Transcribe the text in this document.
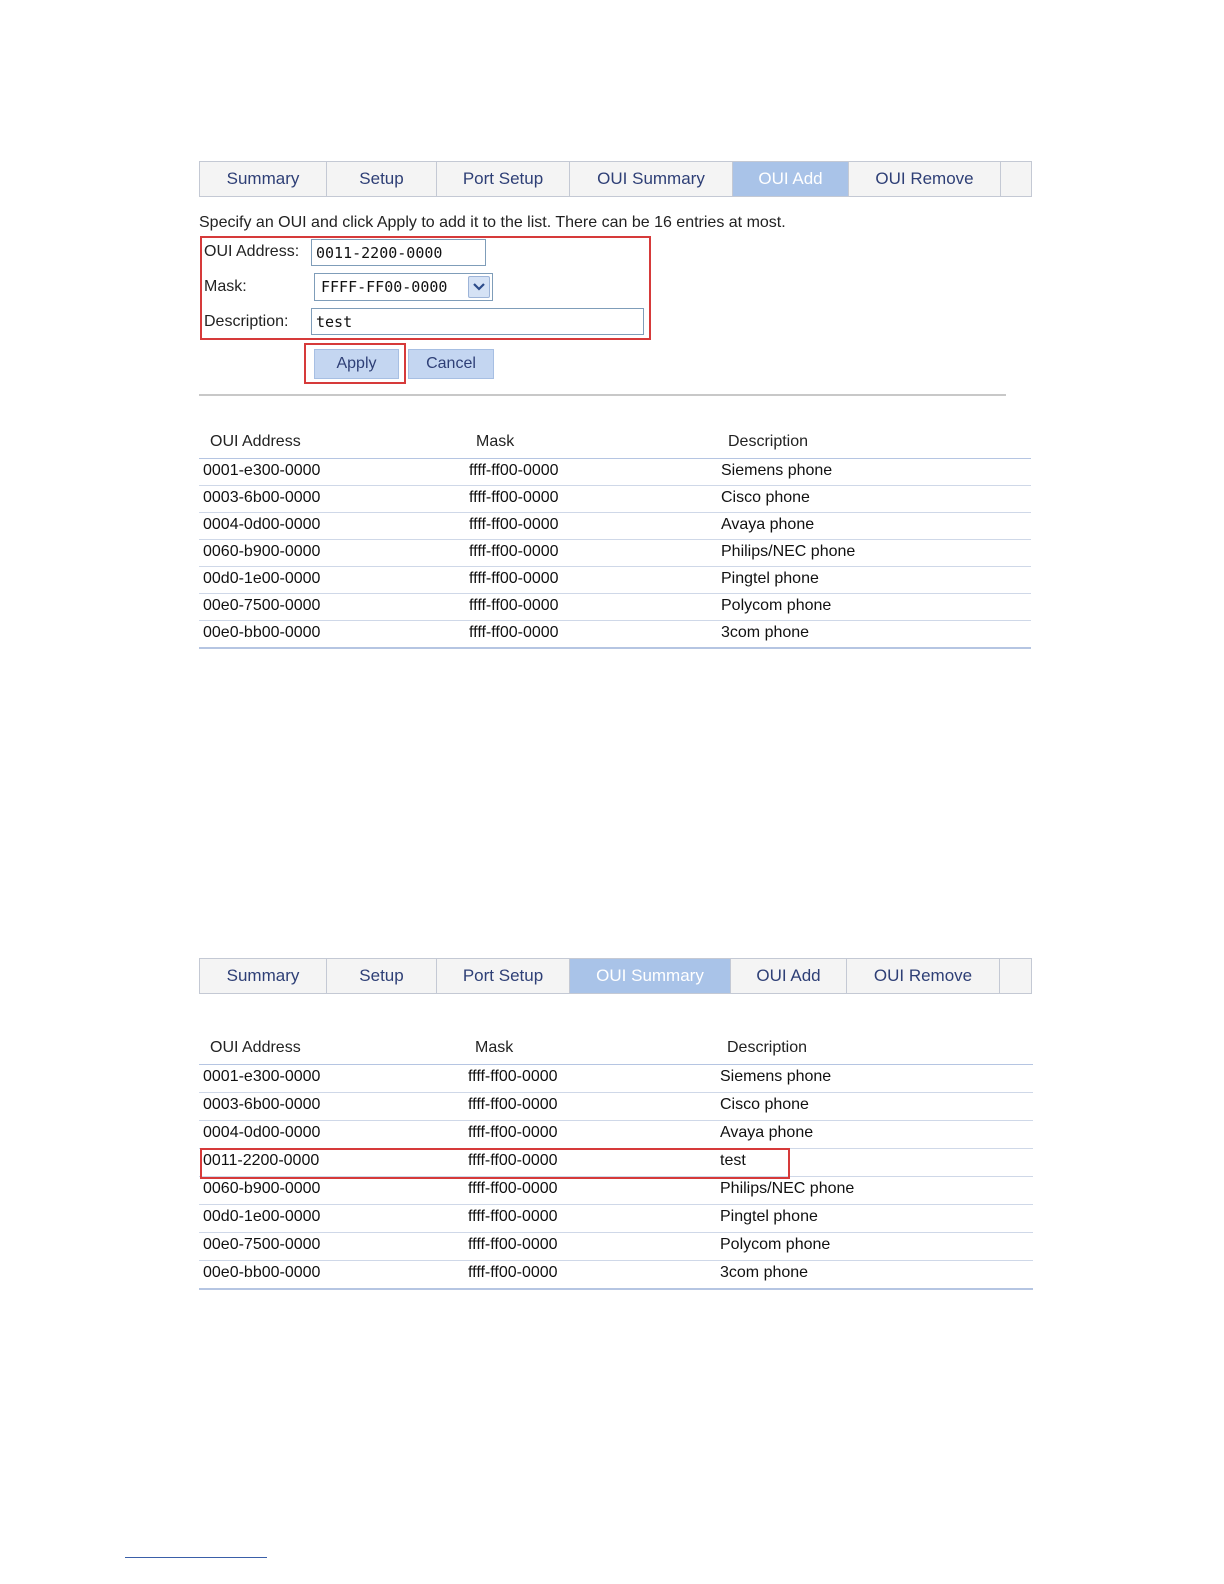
Summary	Setup	Port Setup	OUI Summary	OUI Add	OUI Remove
Specify an OUI and click Apply to add it to the list. There can be 16 entries at most.
OUI Address:
0011-2200-0000
Mask:	FFFF-FF00-0000
Description:
test
Apply	Cancel
OUI Address	Mask	Description
0001-e300-0000	ffff-ff00-0000	Siemens phone
0003-6b00-0000	ffff-ff00-0000	Cisco phone
0004-0d00-0000	ffff-ff00-0000	Avaya phone
0060-b900-0000	ffff-ff00-0000	Philips/NEC phone
00d0-1e00-0000	ffff-ff00-0000	Pingtel phone
00e0-7500-0000	ffff-ff00-0000	Polycom phone
00e0-bb00-0000	ffff-ff00-0000	3com phone
Summary	Setup	Port Setup	OUI Summary	OUI Add	OUI Remove
OUI Address	Mask	Description
0001-e300-0000	ffff-ff00-0000	Siemens phone
0003-6b00-0000	ffff-ff00-0000	Cisco phone
0004-0d00-0000	ffff-ff00-0000	Avaya phone
0011-2200-0000	ffff-ff00-0000	test
0060-b900-0000	ffff-ff00-0000	Philips/NEC phone
00d0-1e00-0000	ffff-ff00-0000	Pingtel phone
00e0-7500-0000	ffff-ff00-0000	Polycom phone
00e0-bb00-0000	ffff-ff00-0000	3com phone
